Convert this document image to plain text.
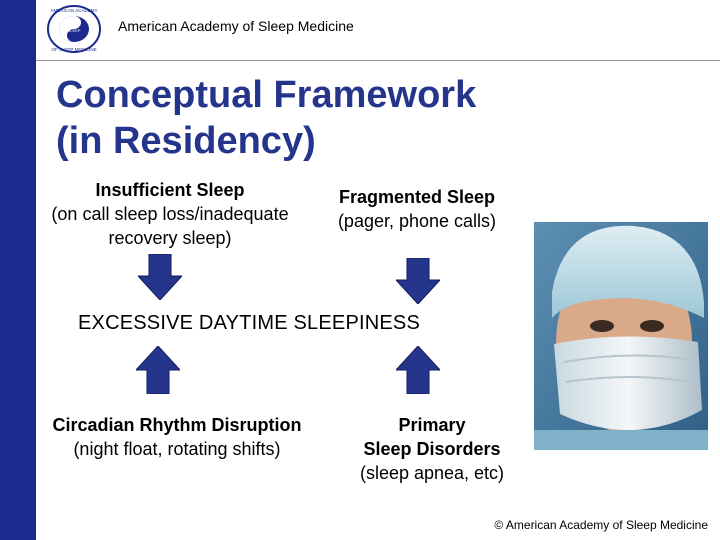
AMERICAN ACADEMY
OF SLEEP MEDICINE
SLEEP	American Academy of Sleep Medicine
Conceptual Framework
(in Residency)
Insufficient Sleep
(on call sleep loss/inadequate
recovery sleep)
Fragmented Sleep
(pager, phone calls)
EXCESSIVE DAYTIME SLEEPINESS
Circadian Rhythm Disruption
(night float, rotating shifts)
Primary
Sleep Disorders
(sleep apnea, etc)
© American Academy of Sleep Medicine
